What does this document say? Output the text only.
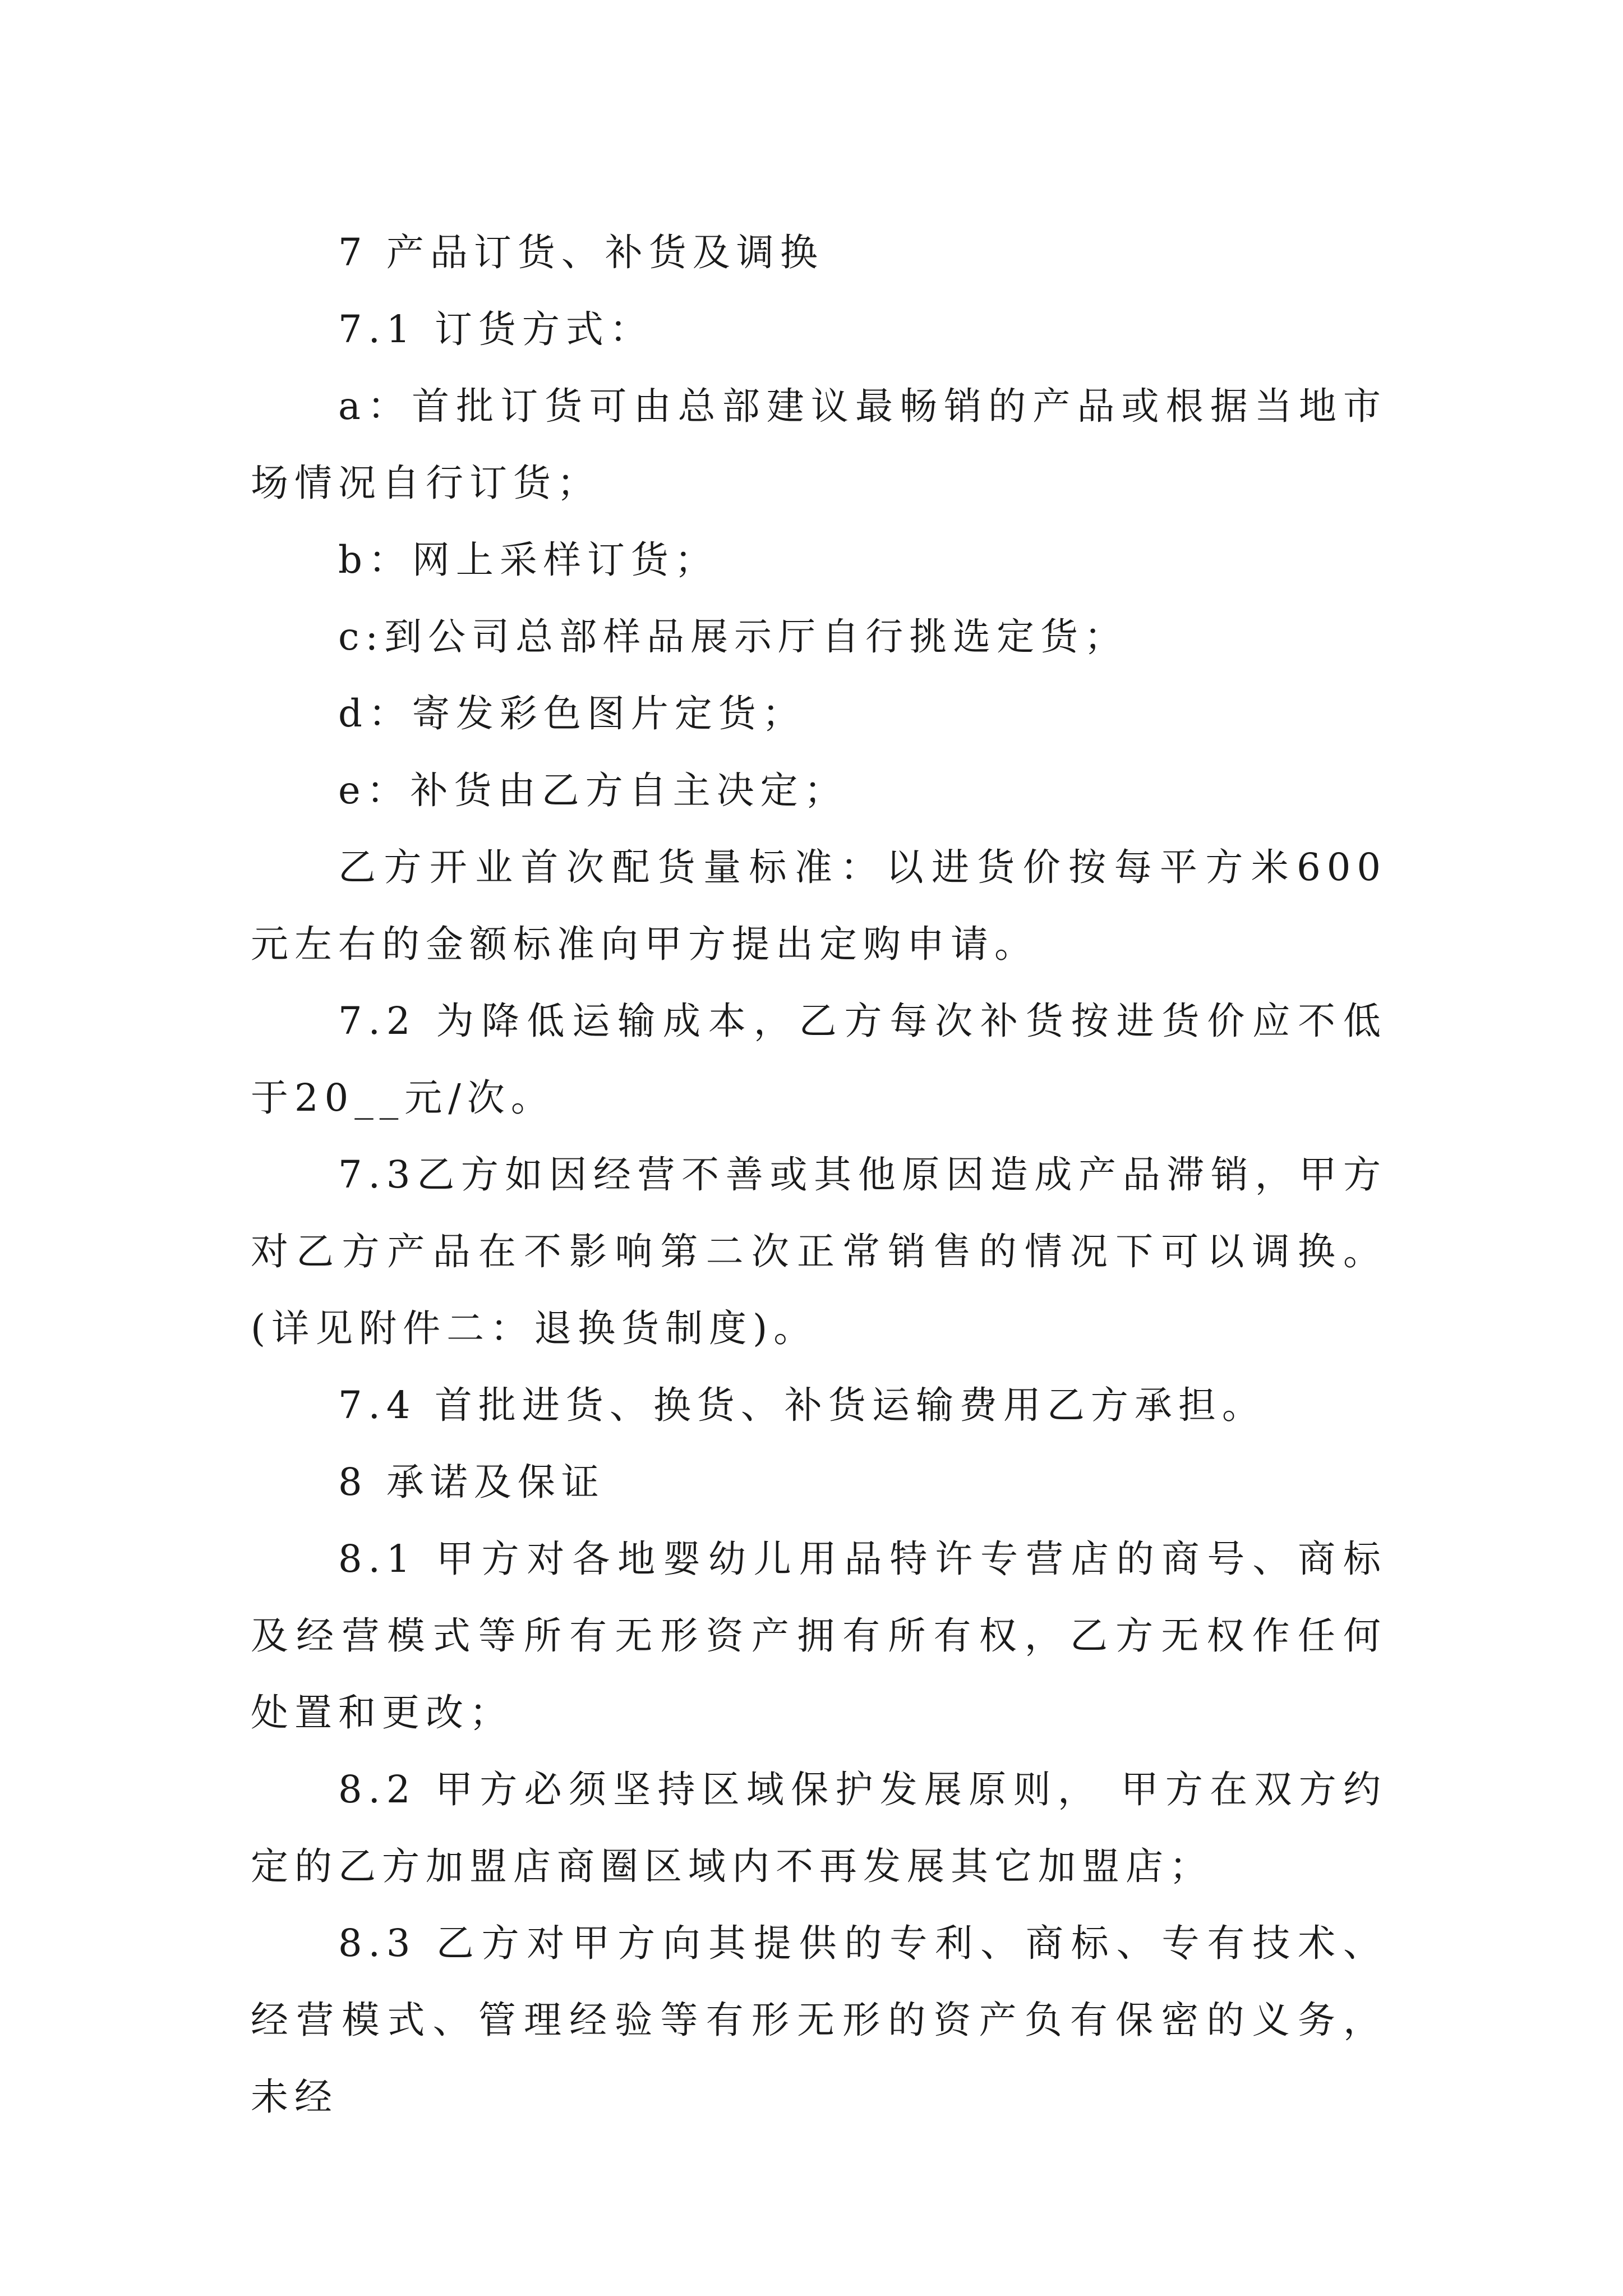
7 产品订货、补货及调换

7.1 订货方式：

a：首批订货可由总部建议最畅销的产品或根据当地市场情况自行订货；

b：网上采样订货；

c:到公司总部样品展示厅自行挑选定货；

d：寄发彩色图片定货；

e：补货由乙方自主决定；

乙方开业首次配货量标准：以进货价按每平方米600元左右的金额标准向甲方提出定购申请。

7.2 为降低运输成本，乙方每次补货按进货价应不低于20__元/次。

7.3乙方如因经营不善或其他原因造成产品滞销，甲方对乙方产品在不影响第二次正常销售的情况下可以调换。(详见附件二：退换货制度)。

7.4 首批进货、换货、补货运输费用乙方承担。

8 承诺及保证

8.1 甲方对各地婴幼儿用品特许专营店的商号、商标及经营模式等所有无形资产拥有所有权，乙方无权作任何处置和更改；

8.2 甲方必须坚持区域保护发展原则， 甲方在双方约定的乙方加盟店商圈区域内不再发展其它加盟店；

8.3 乙方对甲方向其提供的专利、商标、专有技术、经营模式、管理经验等有形无形的资产负有保密的义务，未经
